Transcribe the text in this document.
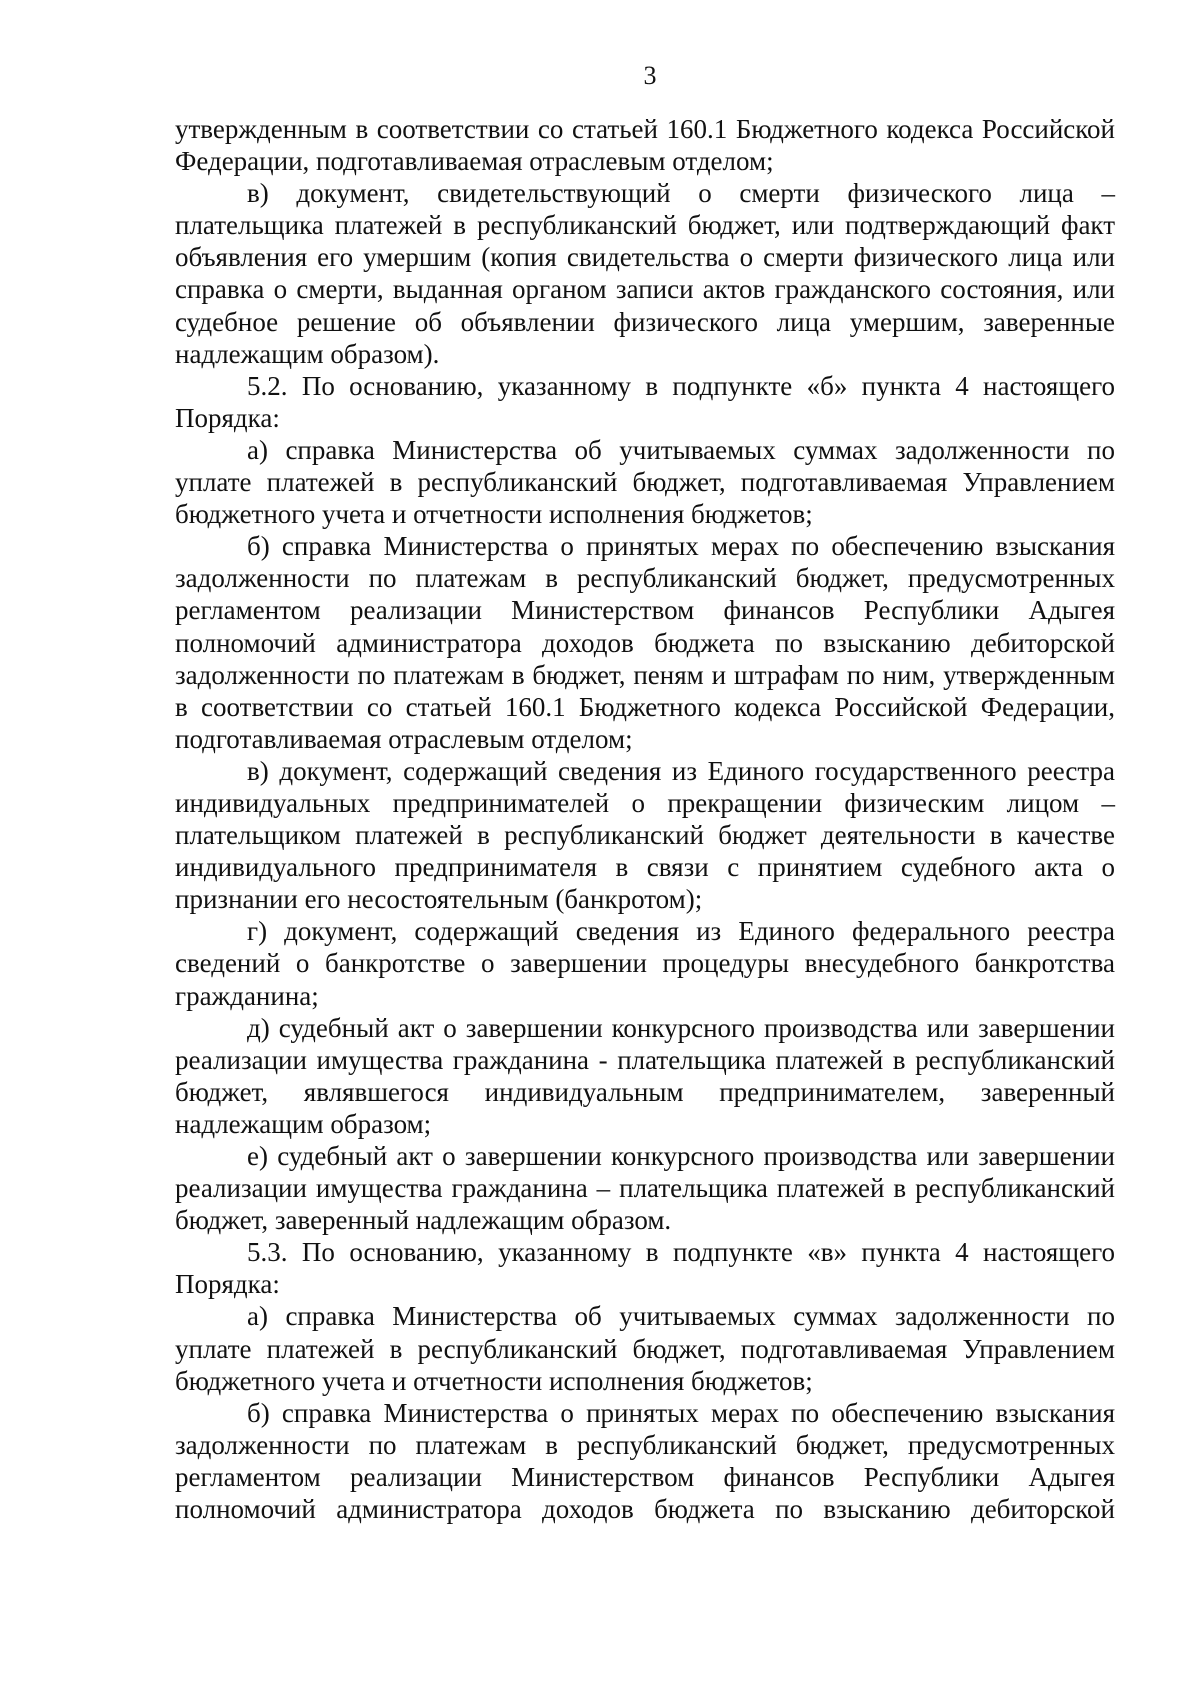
3

утвержденным в соответствии со статьей 160.1 Бюджетного кодекса Российской Федерации, подготавливаемая отраслевым отделом;

в) документ, свидетельствующий о смерти физического лица – плательщика платежей в республиканский бюджет, или подтверждающий факт объявления его умершим (копия свидетельства о смерти физического лица или справка о смерти, выданная органом записи актов гражданского состояния, или судебное решение об объявлении физического лица умершим, заверенные надлежащим образом).

5.2. По основанию, указанному в подпункте «б» пункта 4 настоящего Порядка:

а) справка Министерства об учитываемых суммах задолженности по уплате платежей в республиканский бюджет, подготавливаемая Управлением бюджетного учета и отчетности исполнения бюджетов;

б) справка Министерства о принятых мерах по обеспечению взыскания задолженности по платежам в республиканский бюджет, предусмотренных регламентом реализации Министерством финансов Республики Адыгея полномочий администратора доходов бюджета по взысканию дебиторской задолженности по платежам в бюджет, пеням и штрафам по ним, утвержденным в соответствии со статьей 160.1 Бюджетного кодекса Российской Федерации, подготавливаемая отраслевым отделом;

в) документ, содержащий сведения из Единого государственного реестра индивидуальных предпринимателей о прекращении физическим лицом – плательщиком платежей в республиканский бюджет деятельности в качестве индивидуального предпринимателя в связи с принятием судебного акта о признании его несостоятельным (банкротом);

г) документ, содержащий сведения из Единого федерального реестра сведений о банкротстве о завершении процедуры внесудебного банкротства гражданина;

д) судебный акт о завершении конкурсного производства или завершении реализации имущества гражданина - плательщика платежей в республиканский бюджет, являвшегося индивидуальным предпринимателем, заверенный надлежащим образом;

е) судебный акт о завершении конкурсного производства или завершении реализации имущества гражданина – плательщика платежей в республиканский бюджет, заверенный надлежащим образом.

5.3. По основанию, указанному в подпункте «в» пункта 4 настоящего Порядка:

а) справка Министерства об учитываемых суммах задолженности по уплате платежей в республиканский бюджет, подготавливаемая Управлением бюджетного учета и отчетности исполнения бюджетов;

б) справка Министерства о принятых мерах по обеспечению взыскания задолженности по платежам в республиканский бюджет, предусмотренных регламентом реализации Министерством финансов Республики Адыгея полномочий администратора доходов бюджета по взысканию дебиторской
